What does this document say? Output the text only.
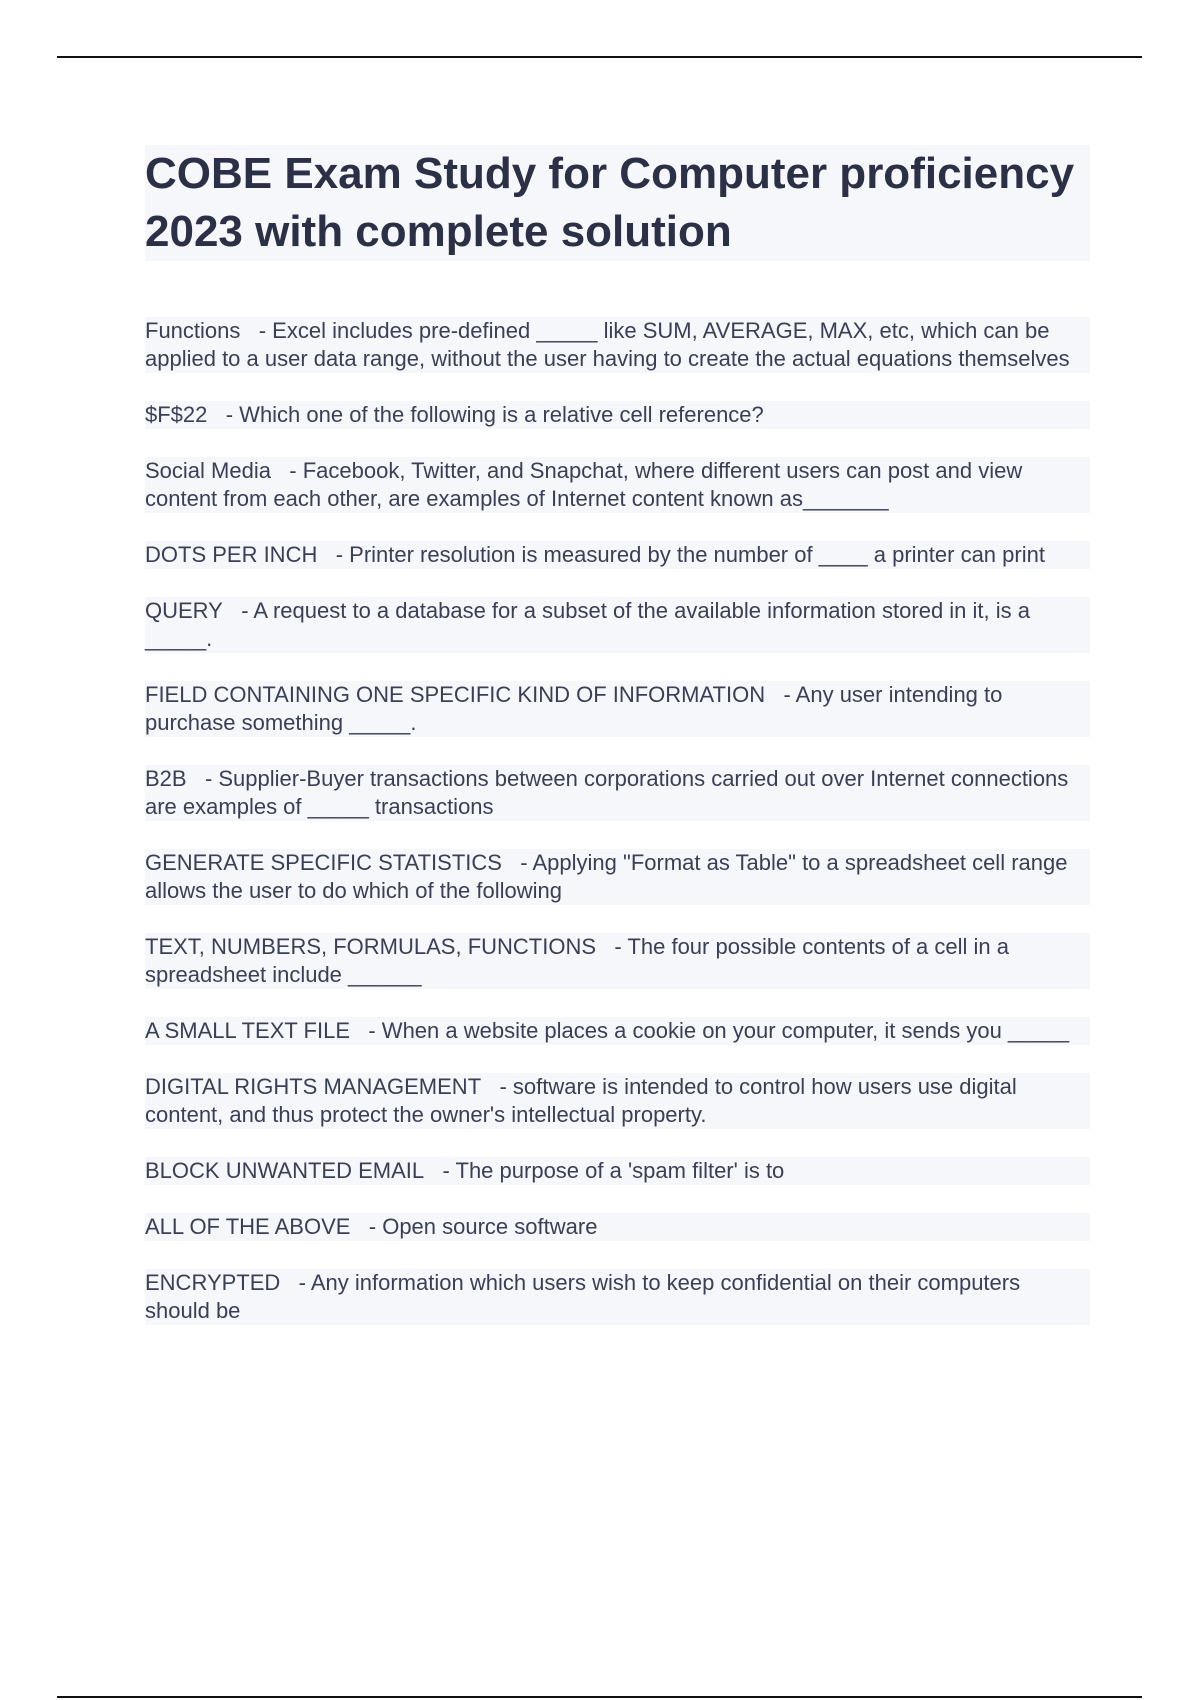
COBE Exam Study for Computer proficiency 2023 with complete solution

Functions - Excel includes pre-defined _____ like SUM, AVERAGE, MAX, etc, which can be applied to a user data range, without the user having to create the actual equations themselves

$F$22 - Which one of the following is a relative cell reference?

Social Media - Facebook, Twitter, and Snapchat, where different users can post and view content from each other, are examples of Internet content known as_______

DOTS PER INCH - Printer resolution is measured by the number of ____ a printer can print

QUERY - A request to a database for a subset of the available information stored in it, is a _____.

FIELD CONTAINING ONE SPECIFIC KIND OF INFORMATION - Any user intending to purchase something _____.

B2B - Supplier-Buyer transactions between corporations carried out over Internet connections are examples of _____ transactions

GENERATE SPECIFIC STATISTICS - Applying "Format as Table" to a spreadsheet cell range allows the user to do which of the following

TEXT, NUMBERS, FORMULAS, FUNCTIONS - The four possible contents of a cell in a spreadsheet include ______

A SMALL TEXT FILE - When a website places a cookie on your computer, it sends you _____

DIGITAL RIGHTS MANAGEMENT - software is intended to control how users use digital content, and thus protect the owner's intellectual property.

BLOCK UNWANTED EMAIL - The purpose of a 'spam filter' is to

ALL OF THE ABOVE - Open source software

ENCRYPTED - Any information which users wish to keep confidential on their computers should be
